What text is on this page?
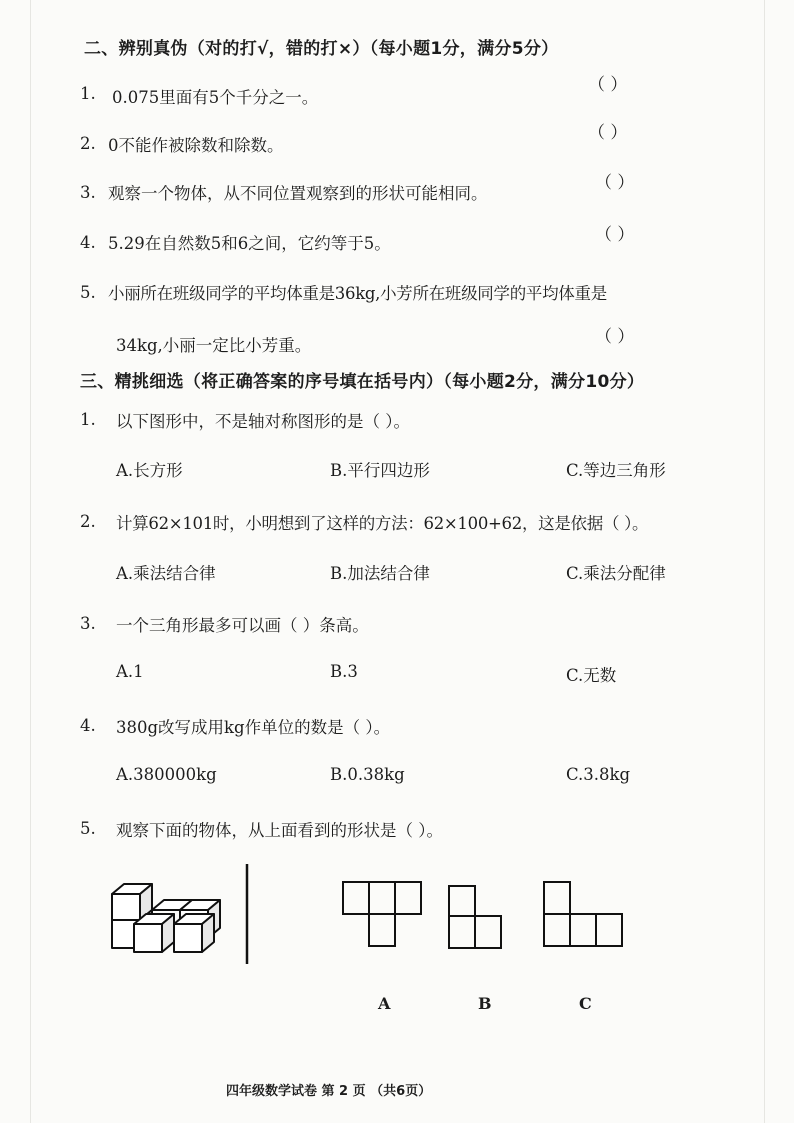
二、辨别真伪（对的打√，错的打×）（每小题1分，满分5分）
1. 0.075里面有5个千分之一。
（ ）
2. 0不能作被除数和除数。
（ ）
3. 观察一个物体，从不同位置观察到的形状可能相同。
（ ）
4. 5.29在自然数5和6之间，它约等于5。	（ ）
5. 小丽所在班级同学的平均体重是36kg,小芳所在班级同学的平均体重是
34kg,小丽一定比小芳重。	（ ）
三、精挑细选（将正确答案的序号填在括号内）（每小题2分，满分10分）
1. 以下图形中，不是轴对称图形的是（ ）。
A.长方形	B.平行四边形	C.等边三角形
2. 计算62×101时，小明想到了这样的方法：62×100+62，这是依据（ ）。
A.乘法结合律	B.加法结合律	C.乘法分配律
3. 一个三角形最多可以画（ ）条高。
A.1	B.3	C.无数
4. 380g改写成用kg作单位的数是（ ）。
A.380000kg	B.0.38kg	C.3.8kg
5. 观察下面的物体，从上面看到的形状是（ ）。
A	B	C
四年级数学试卷 第 2 页 （共6页）
